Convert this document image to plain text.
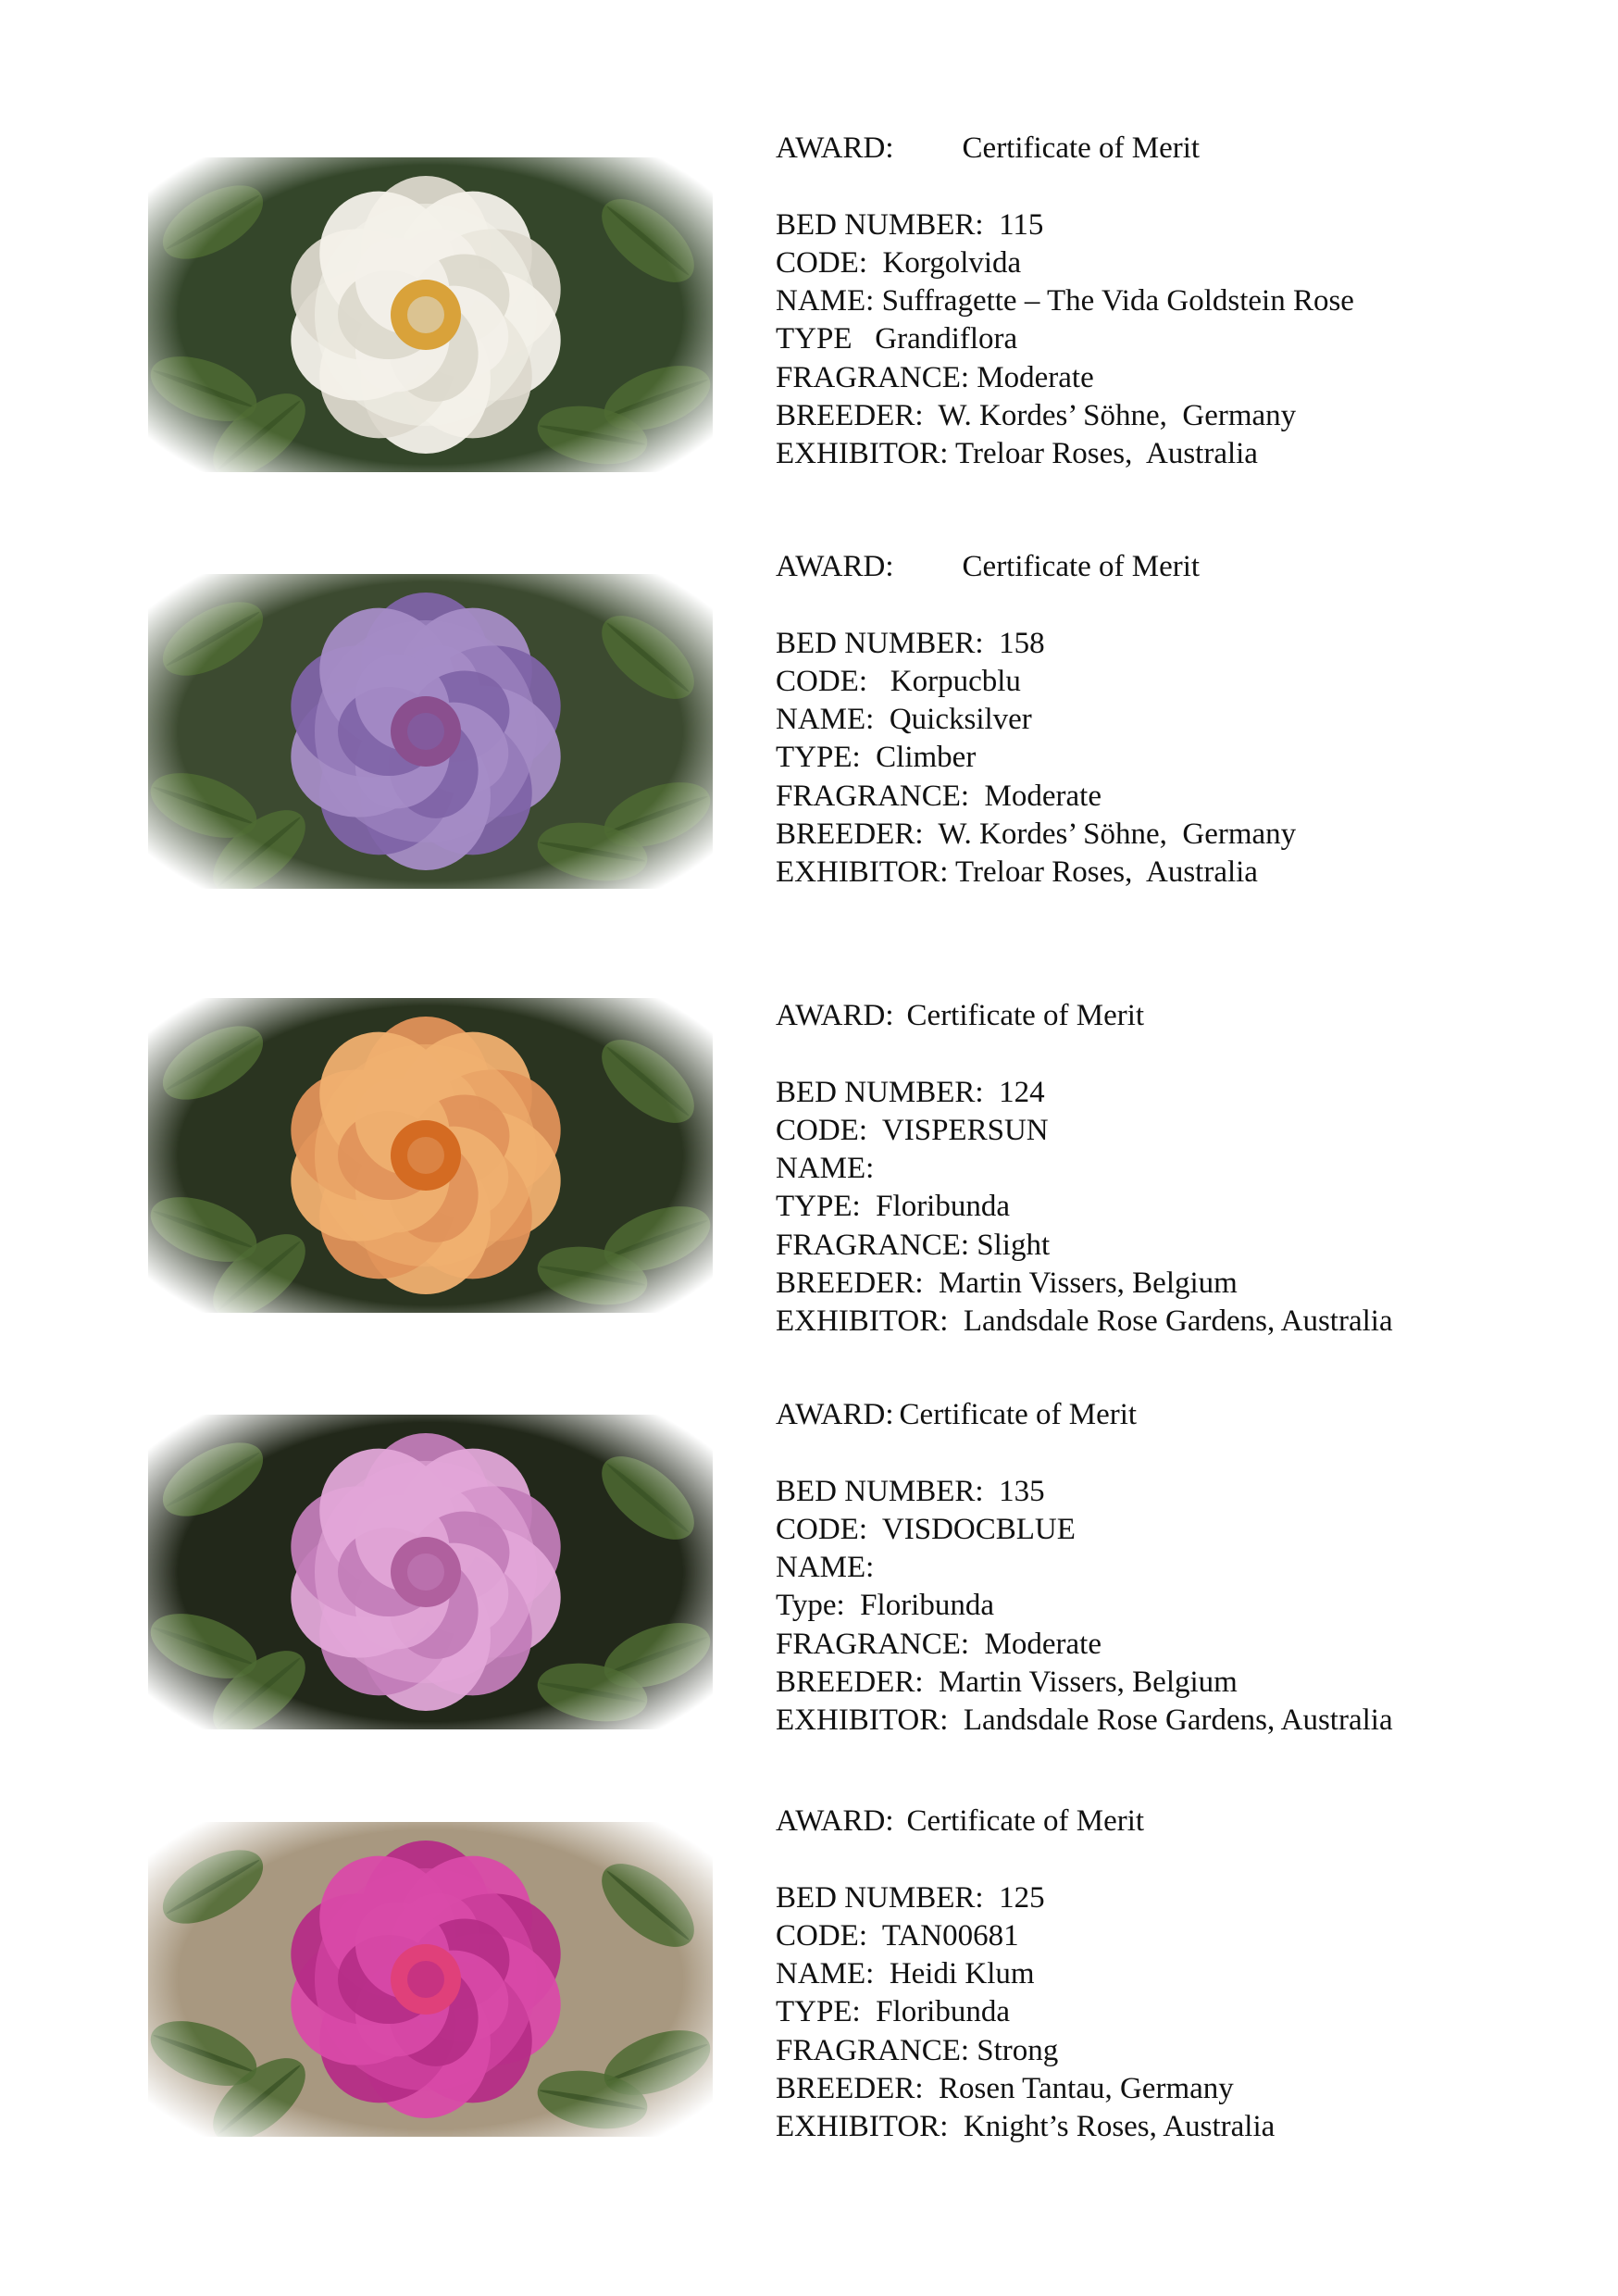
AWARD: Certificate of Merit
BED NUMBER:  115
CODE:  Korgolvida
NAME: Suffragette – The Vida Goldstein Rose
TYPE   Grandiflora
FRAGRANCE: Moderate
BREEDER:  W. Kordes’ Söhne,  Germany
EXHIBITOR: Treloar Roses,  Australia
AWARD: Certificate of Merit
BED NUMBER:  158
CODE:   Korpucblu
NAME:  Quicksilver
TYPE:  Climber
FRAGRANCE:  Moderate
BREEDER:  W. Kordes’ Söhne,  Germany
EXHIBITOR: Treloar Roses,  Australia
AWARD: Certificate of Merit
BED NUMBER:  124
CODE:  VISPERSUN
NAME:
TYPE:  Floribunda
FRAGRANCE: Slight
BREEDER:  Martin Vissers, Belgium
EXHIBITOR:  Landsdale Rose Gardens, Australia
AWARD: Certificate of Merit
BED NUMBER:  135
CODE:  VISDOCBLUE
NAME:
Type:  Floribunda
FRAGRANCE:  Moderate
BREEDER:  Martin Vissers, Belgium
EXHIBITOR:  Landsdale Rose Gardens, Australia
AWARD: Certificate of Merit
BED NUMBER:  125
CODE:  TAN00681
NAME:  Heidi Klum
TYPE:  Floribunda
FRAGRANCE: Strong
BREEDER:  Rosen Tantau, Germany
EXHIBITOR:  Knight’s Roses, Australia
